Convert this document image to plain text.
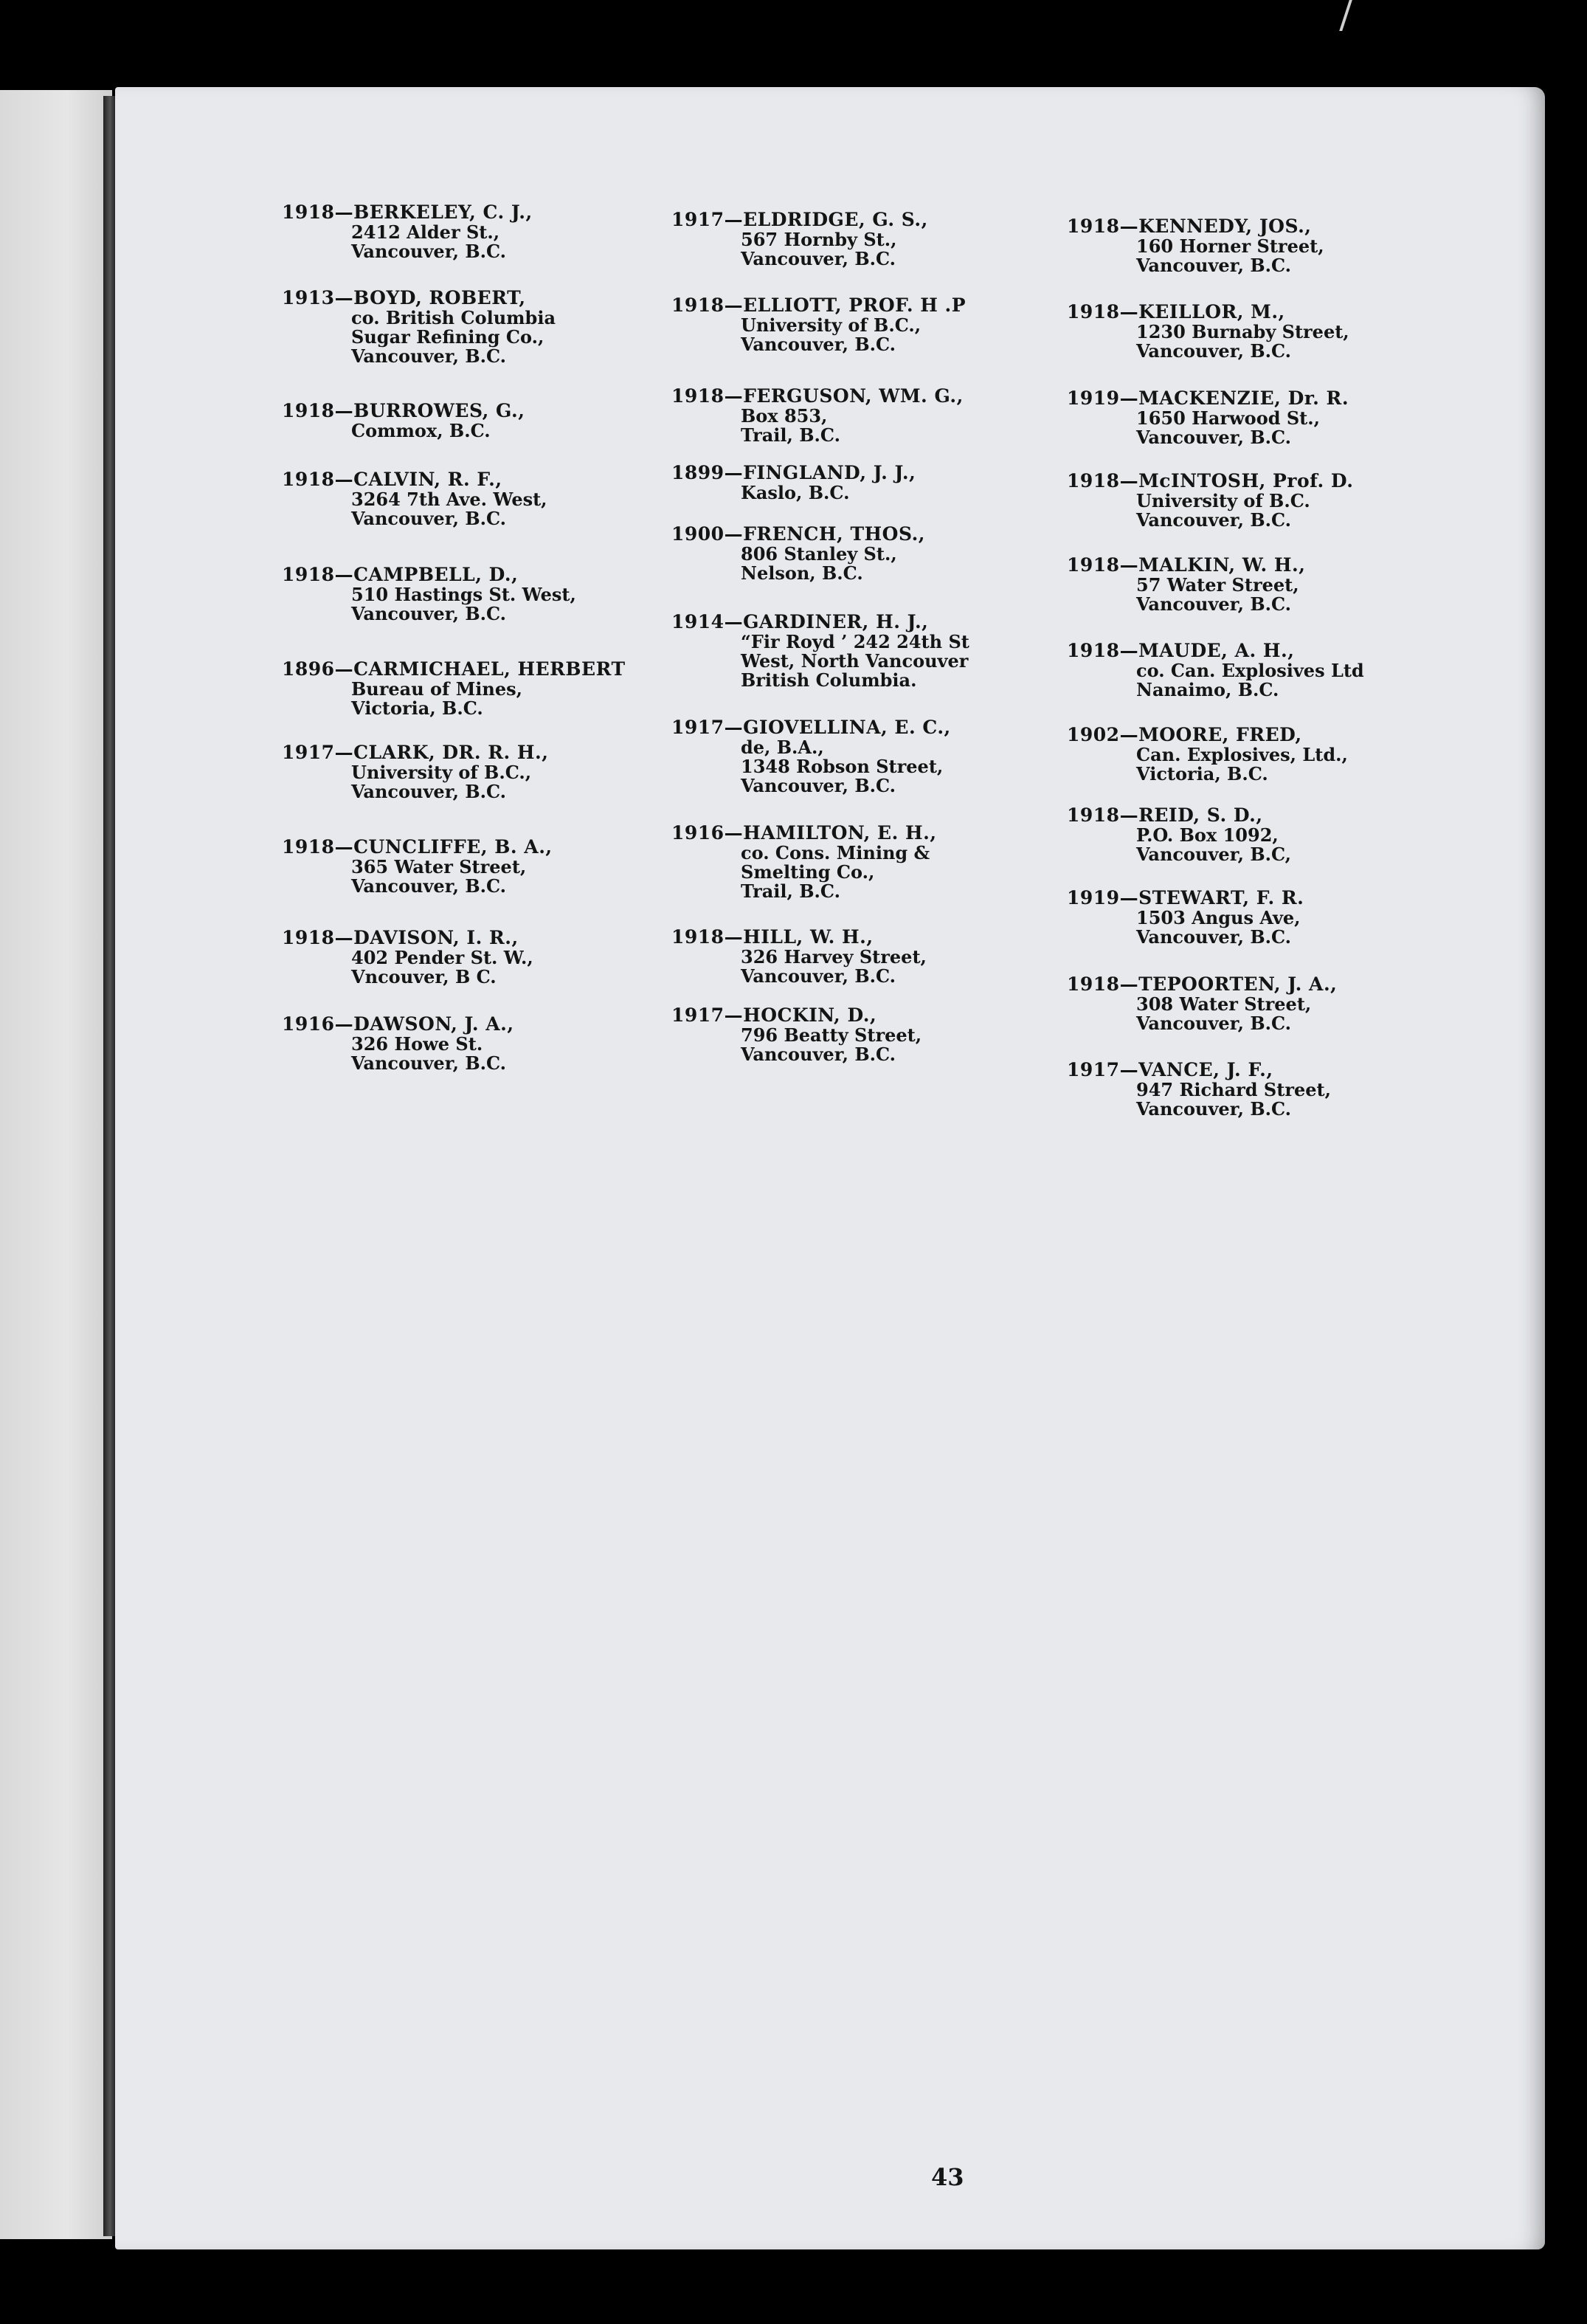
1918—BERKELEY, C. J.,
2412 Alder St.,
Vancouver, B.C.
1913—BOYD, ROBERT,
co. British Columbia
Sugar Refining Co.,
Vancouver, B.C.
1918—BURROWES, G.,
Commox, B.C.
1918—CALVIN, R. F.,
3264 7th Ave. West,
Vancouver, B.C.
1918—CAMPBELL, D.,
510 Hastings St. West,
Vancouver, B.C.
1896—CARMICHAEL, HERBERT
Bureau of Mines,
Victoria, B.C.
1917—CLARK, DR. R. H.,
University of B.C.,
Vancouver, B.C.
1918—CUNCLIFFE, B. A.,
365 Water Street,
Vancouver, B.C.
1918—DAVISON, I. R.,
402 Pender St. W.,
Vncouver, B C.
1916—DAWSON, J. A.,
326 Howe St.
Vancouver, B.C.
1917—ELDRIDGE, G. S.,
567 Hornby St.,
Vancouver, B.C.
1918—ELLIOTT, PROF. H .P
University of B.C.,
Vancouver, B.C.
1918—FERGUSON, WM. G.,
Box 853,
Trail, B.C.
1899—FINGLAND, J. J.,
Kaslo, B.C.
1900—FRENCH, THOS.,
806 Stanley St.,
Nelson, B.C.
1914—GARDINER, H. J.,
“Fir Royd ’ 242 24th St
West, North Vancouver
British Columbia.
1917—GIOVELLINA, E. C.,
de, B.A.,
1348 Robson Street,
Vancouver, B.C.
1916—HAMILTON, E. H.,
co. Cons. Mining &
Smelting Co.,
Trail, B.C.
1918—HILL, W. H.,
326 Harvey Street,
Vancouver, B.C.
1917—HOCKIN, D.,
796 Beatty Street,
Vancouver, B.C.
1918—KENNEDY, JOS.,
160 Horner Street,
Vancouver, B.C.
1918—KEILLOR, M.,
1230 Burnaby Street,
Vancouver, B.C.
1919—MACKENZIE, Dr. R.
1650 Harwood St.,
Vancouver, B.C.
1918—McINTOSH, Prof. D.
University of B.C.
Vancouver, B.C.
1918—MALKIN, W. H.,
57 Water Street,
Vancouver, B.C.
1918—MAUDE, A. H.,
co. Can. Explosives Ltd
Nanaimo, B.C.
1902—MOORE, FRED,
Can. Explosives, Ltd.,
Victoria, B.C.
1918—REID, S. D.,
P.O. Box 1092,
Vancouver, B.C,
1919—STEWART, F. R.
1503 Angus Ave,
Vancouver, B.C.
1918—TEPOORTEN, J. A.,
308 Water Street,
Vancouver, B.C.
1917—VANCE, J. F.,
947 Richard Street,
Vancouver, B.C.
43
